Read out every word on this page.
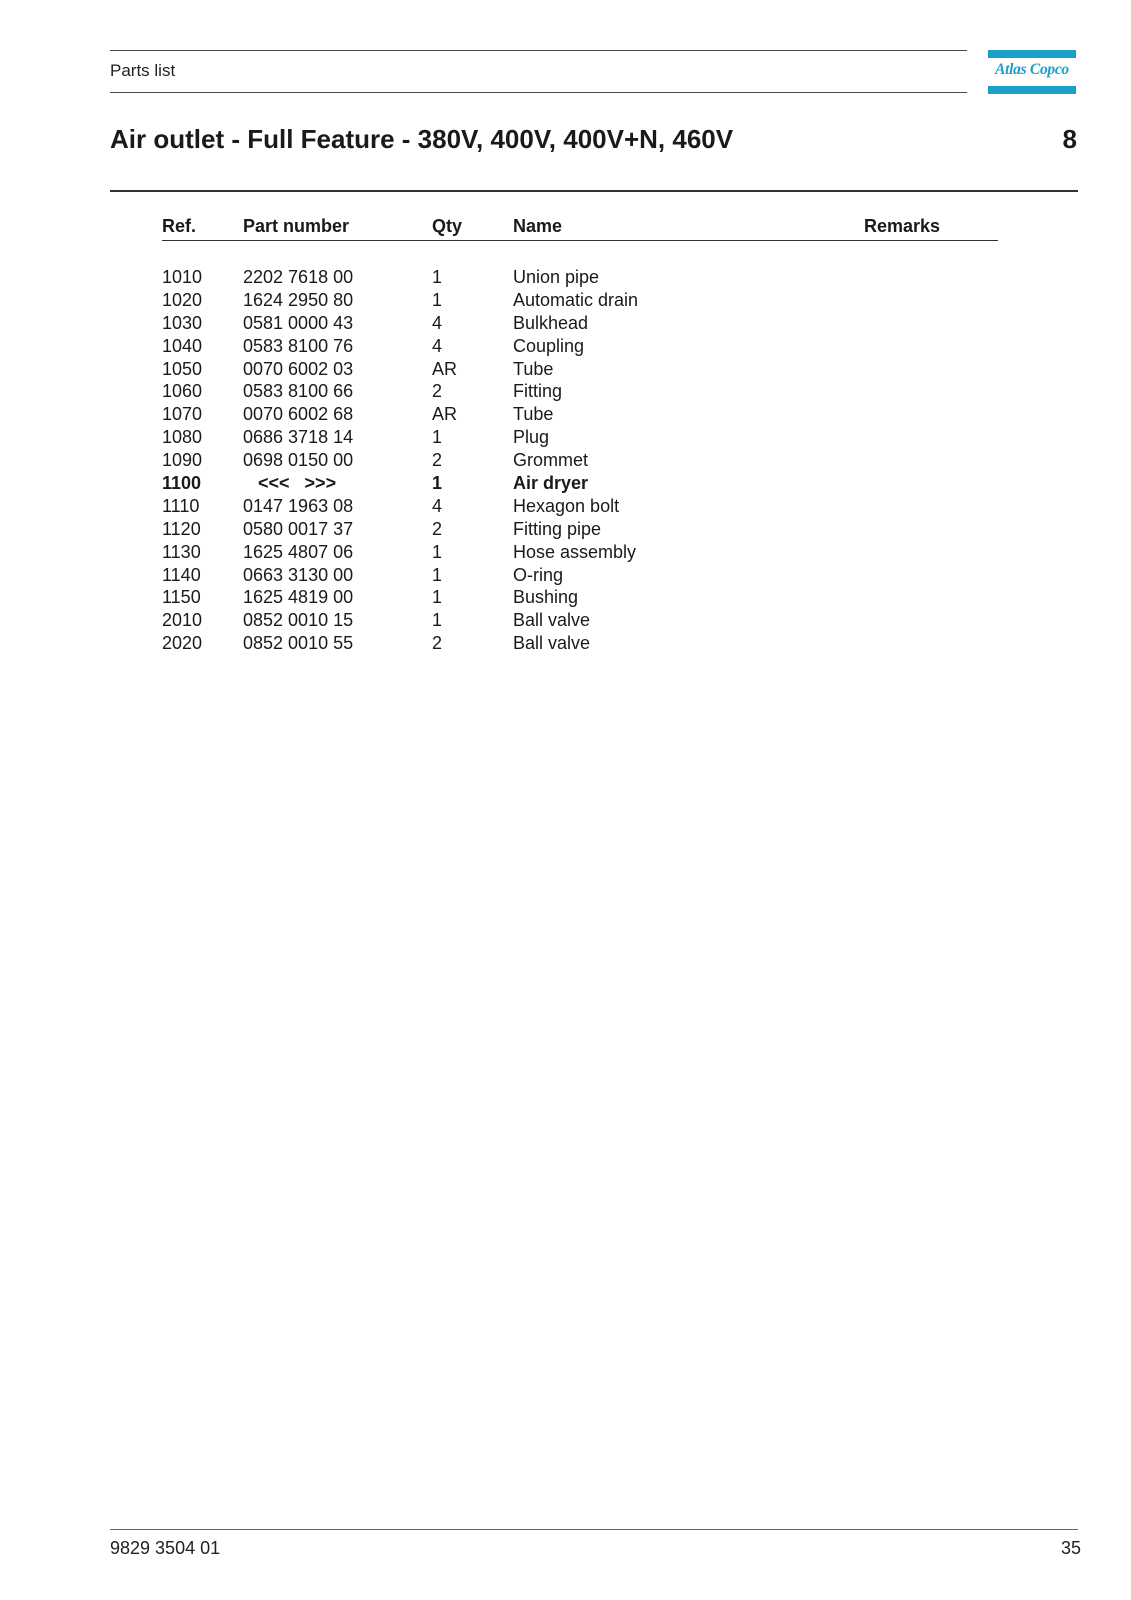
Parts list	Atlas Copco
Air outlet - Full Feature - 380V, 400V, 400V+N, 460V	8
Ref.	Part number	Qty	Name	Remarks
1010 2202 7618 00	1	Union pipe
1020 1624 2950 80	1	Automatic drain
1030 0581 0000 43	4	Bulkhead
1040 0583 8100 76	4	Coupling
1050 0070 6002 03	AR	Tube
1060 0583 8100 66	2	Fitting
1070 0070 6002 68	AR	Tube
1080 0686 3718 14	1	Plug
1090 0698 0150 00	2	Grommet
1100 <<<   >>>	1	Air dryer
1110 0147 1963 08	4	Hexagon bolt
1120 0580 0017 37	2	Fitting pipe
1130 1625 4807 06	1	Hose assembly
1140 0663 3130 00	1	O-ring
1150 1625 4819 00	1	Bushing
2010 0852 0010 15	1	Ball valve
2020 0852 0010 55	2	Ball valve
9829 3504 01	35
